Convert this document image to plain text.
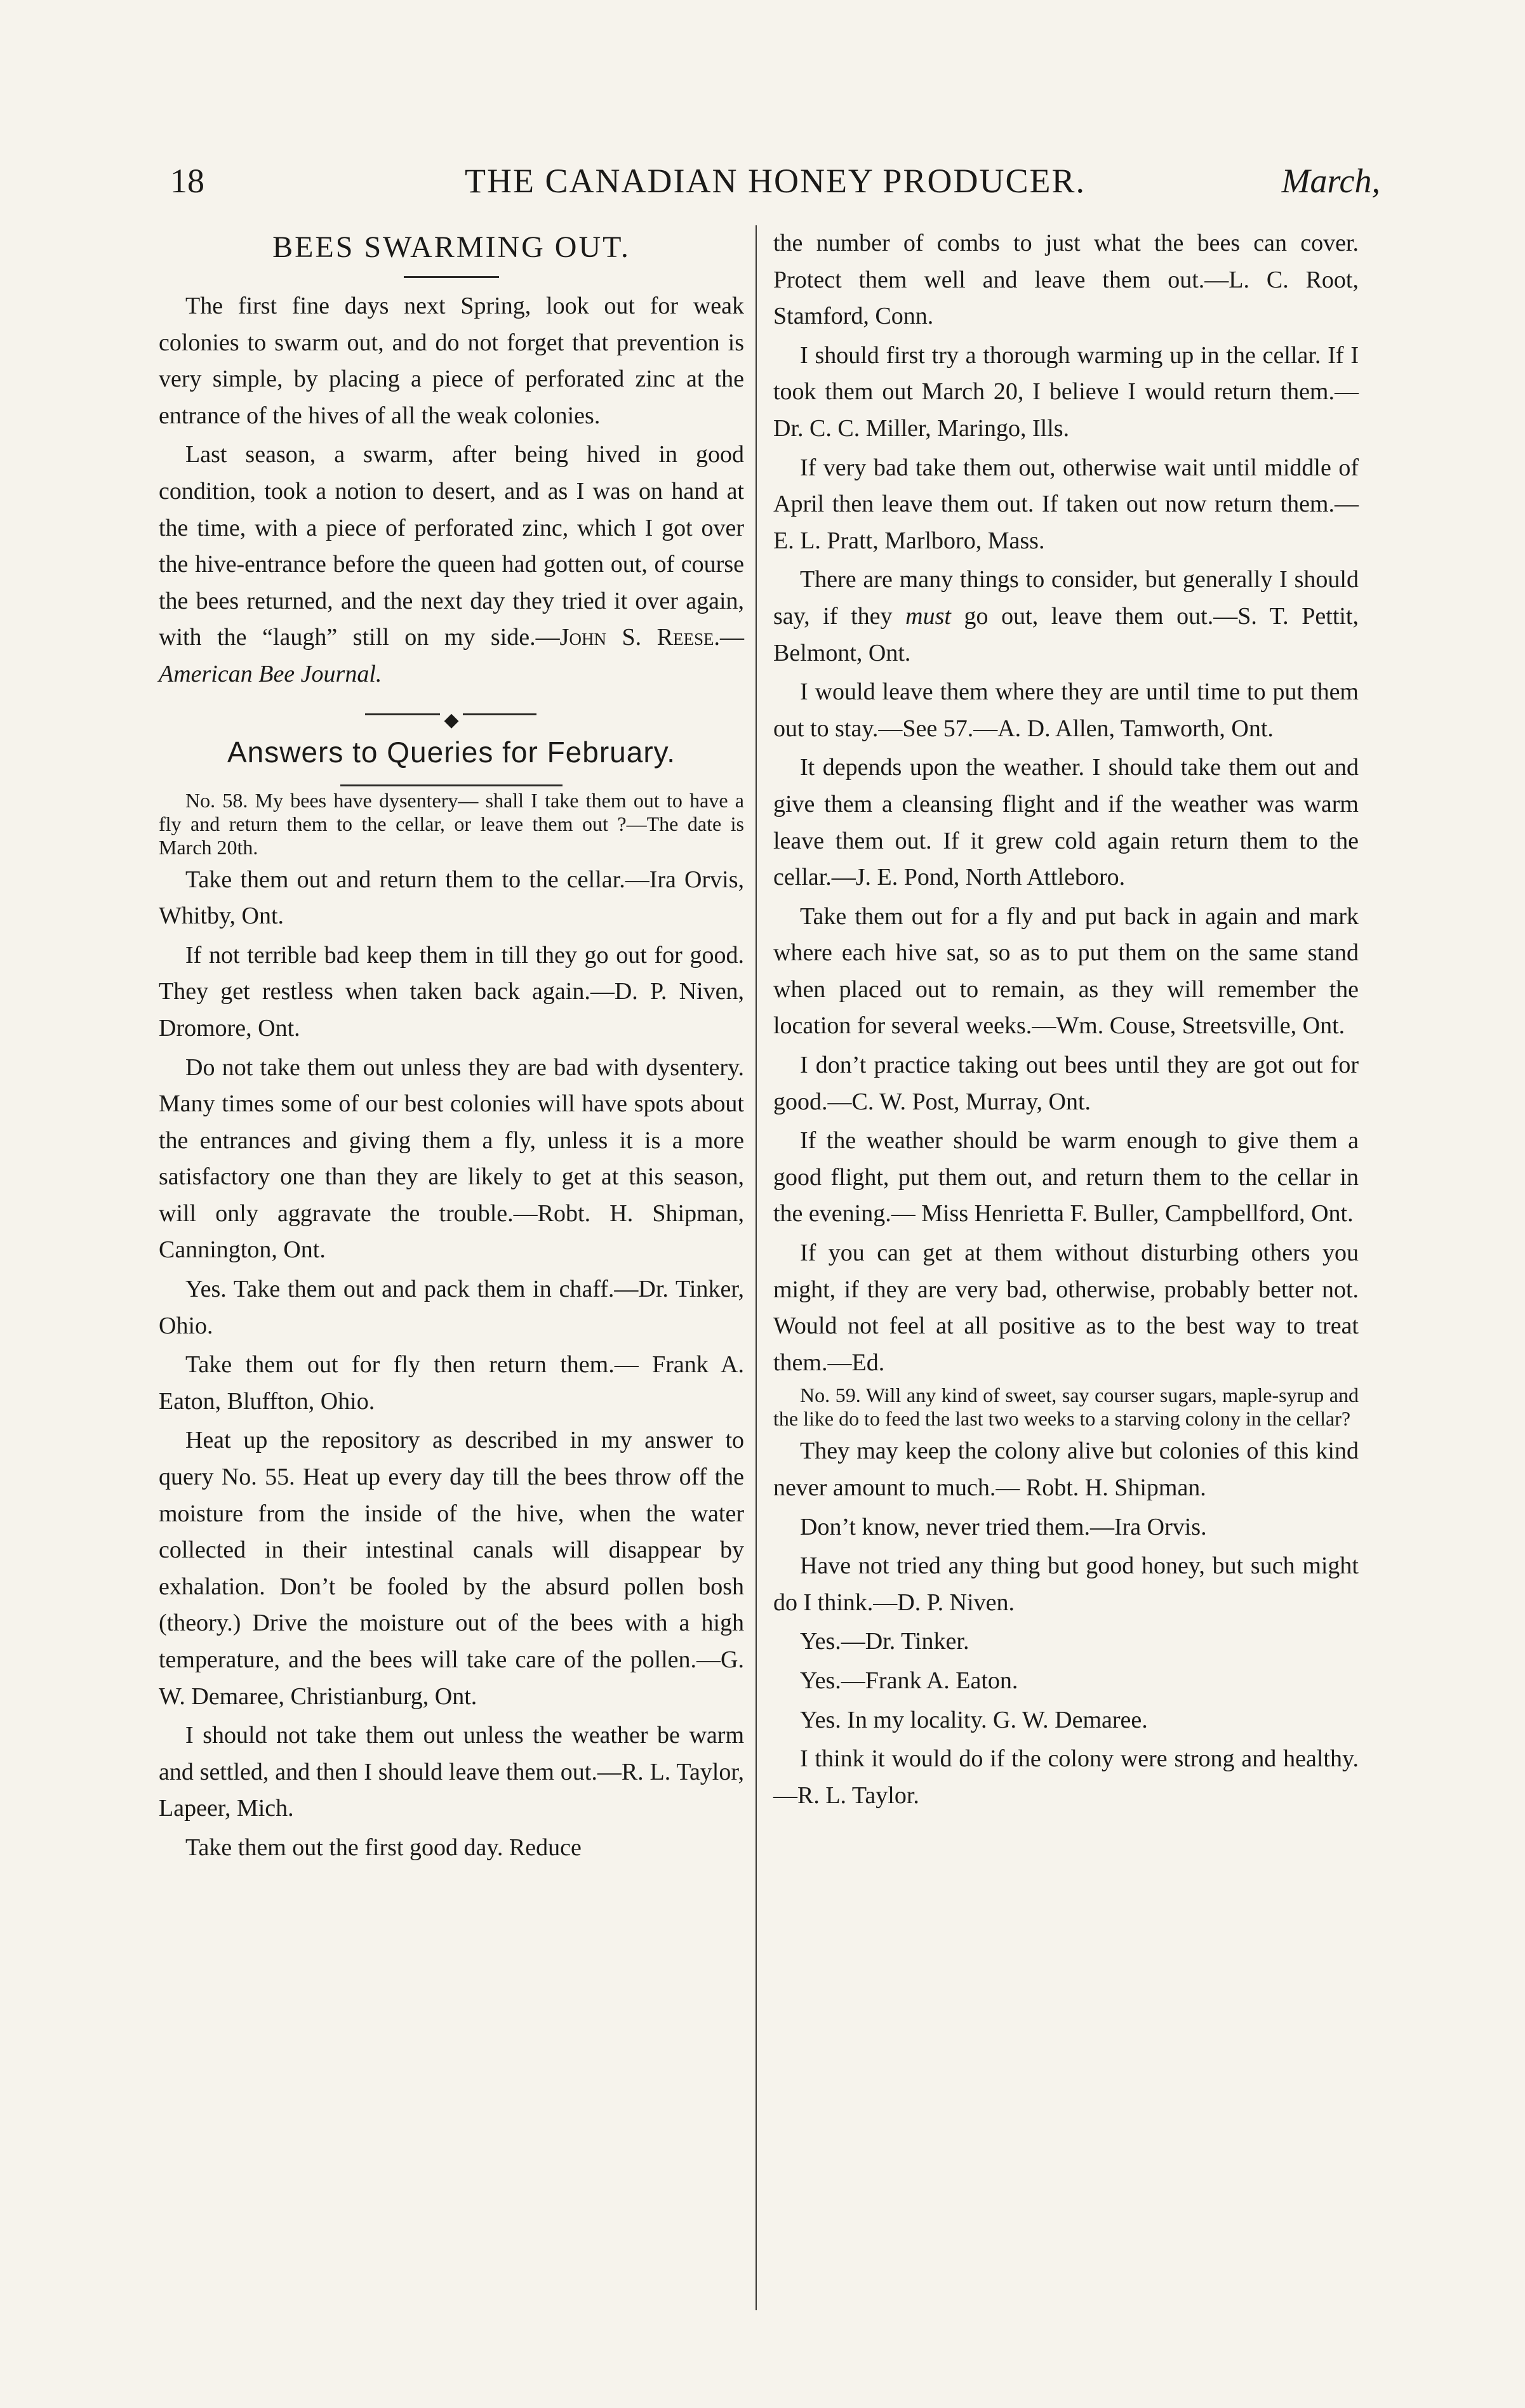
18	THE CANADIAN HONEY PRODUCER.	March,
BEES SWARMING OUT.

The first fine days next Spring, look out for weak colonies to swarm out, and do not forget that prevention is very simple, by placing a piece of perforated zinc at the entrance of the hives of all the weak colonies.

Last season, a swarm, after being hived in good condition, took a notion to desert, and as I was on hand at the time, with a piece of perforated zinc, which I got over the hive-entrance before the queen had gotten out, of course the bees returned, and the next day they tried it over again, with the “laugh” still on my side.—John S. Reese.—American Bee Journal.

◆
Answers to Queries for February.

No. 58. My bees have dysentery— shall I take them out to have a fly and return them to the cellar, or leave them out ?—The date is March 20th.

Take them out and return them to the cellar.—Ira Orvis, Whitby, Ont.

If not terrible bad keep them in till they go out for good. They get restless when taken back again.—D. P. Niven, Dromore, Ont.

Do not take them out unless they are bad with dysentery. Many times some of our best colonies will have spots about the entrances and giving them a fly, unless it is a more satisfactory one than they are likely to get at this season, will only aggravate the trouble.—Robt. H. Shipman, Cannington, Ont.

Yes. Take them out and pack them in chaff.—Dr. Tinker, Ohio.

Take them out for fly then return them.— Frank A. Eaton, Bluffton, Ohio.

Heat up the repository as described in my answer to query No. 55. Heat up every day till the bees throw off the moisture from the inside of the hive, when the water collected in their intestinal canals will disappear by exhalation. Don’t be fooled by the absurd pollen bosh (theory.) Drive the moisture out of the bees with a high temperature, and the bees will take care of the pollen.—G. W. Demaree, Christianburg, Ont.

I should not take them out unless the weather be warm and settled, and then I should leave them out.—R. L. Taylor, Lapeer, Mich.

Take them out the first good day. Reduce

the number of combs to just what the bees can cover. Protect them well and leave them out.—L. C. Root, Stamford, Conn.

I should first try a thorough warming up in the cellar. If I took them out March 20, I believe I would return them.—Dr. C. C. Miller, Maringo, Ills.

If very bad take them out, otherwise wait until middle of April then leave them out. If taken out now return them.—E. L. Pratt, Marlboro, Mass.

There are many things to consider, but generally I should say, if they must go out, leave them out.—S. T. Pettit, Belmont, Ont.

I would leave them where they are until time to put them out to stay.—See 57.—A. D. Allen, Tamworth, Ont.

It depends upon the weather. I should take them out and give them a cleansing flight and if the weather was warm leave them out. If it grew cold again return them to the cellar.—J. E. Pond, North Attleboro.

Take them out for a fly and put back in again and mark where each hive sat, so as to put them on the same stand when placed out to remain, as they will remember the location for several weeks.—Wm. Couse, Streetsville, Ont.

I don’t practice taking out bees until they are got out for good.—C. W. Post, Murray, Ont.

If the weather should be warm enough to give them a good flight, put them out, and return them to the cellar in the evening.— Miss Henrietta F. Buller, Campbellford, Ont.

If you can get at them without disturbing others you might, if they are very bad, otherwise, probably better not. Would not feel at all positive as to the best way to treat them.—Ed.

No. 59. Will any kind of sweet, say courser sugars, maple-syrup and the like do to feed the last two weeks to a starving colony in the cellar?

They may keep the colony alive but colonies of this kind never amount to much.— Robt. H. Shipman.

Don’t know, never tried them.—Ira Orvis.

Have not tried any thing but good honey, but such might do I think.—D. P. Niven.

Yes.—Dr. Tinker.

Yes.—Frank A. Eaton.

Yes. In my locality. G. W. Demaree.

I think it would do if the colony were strong and healthy.—R. L. Taylor.
